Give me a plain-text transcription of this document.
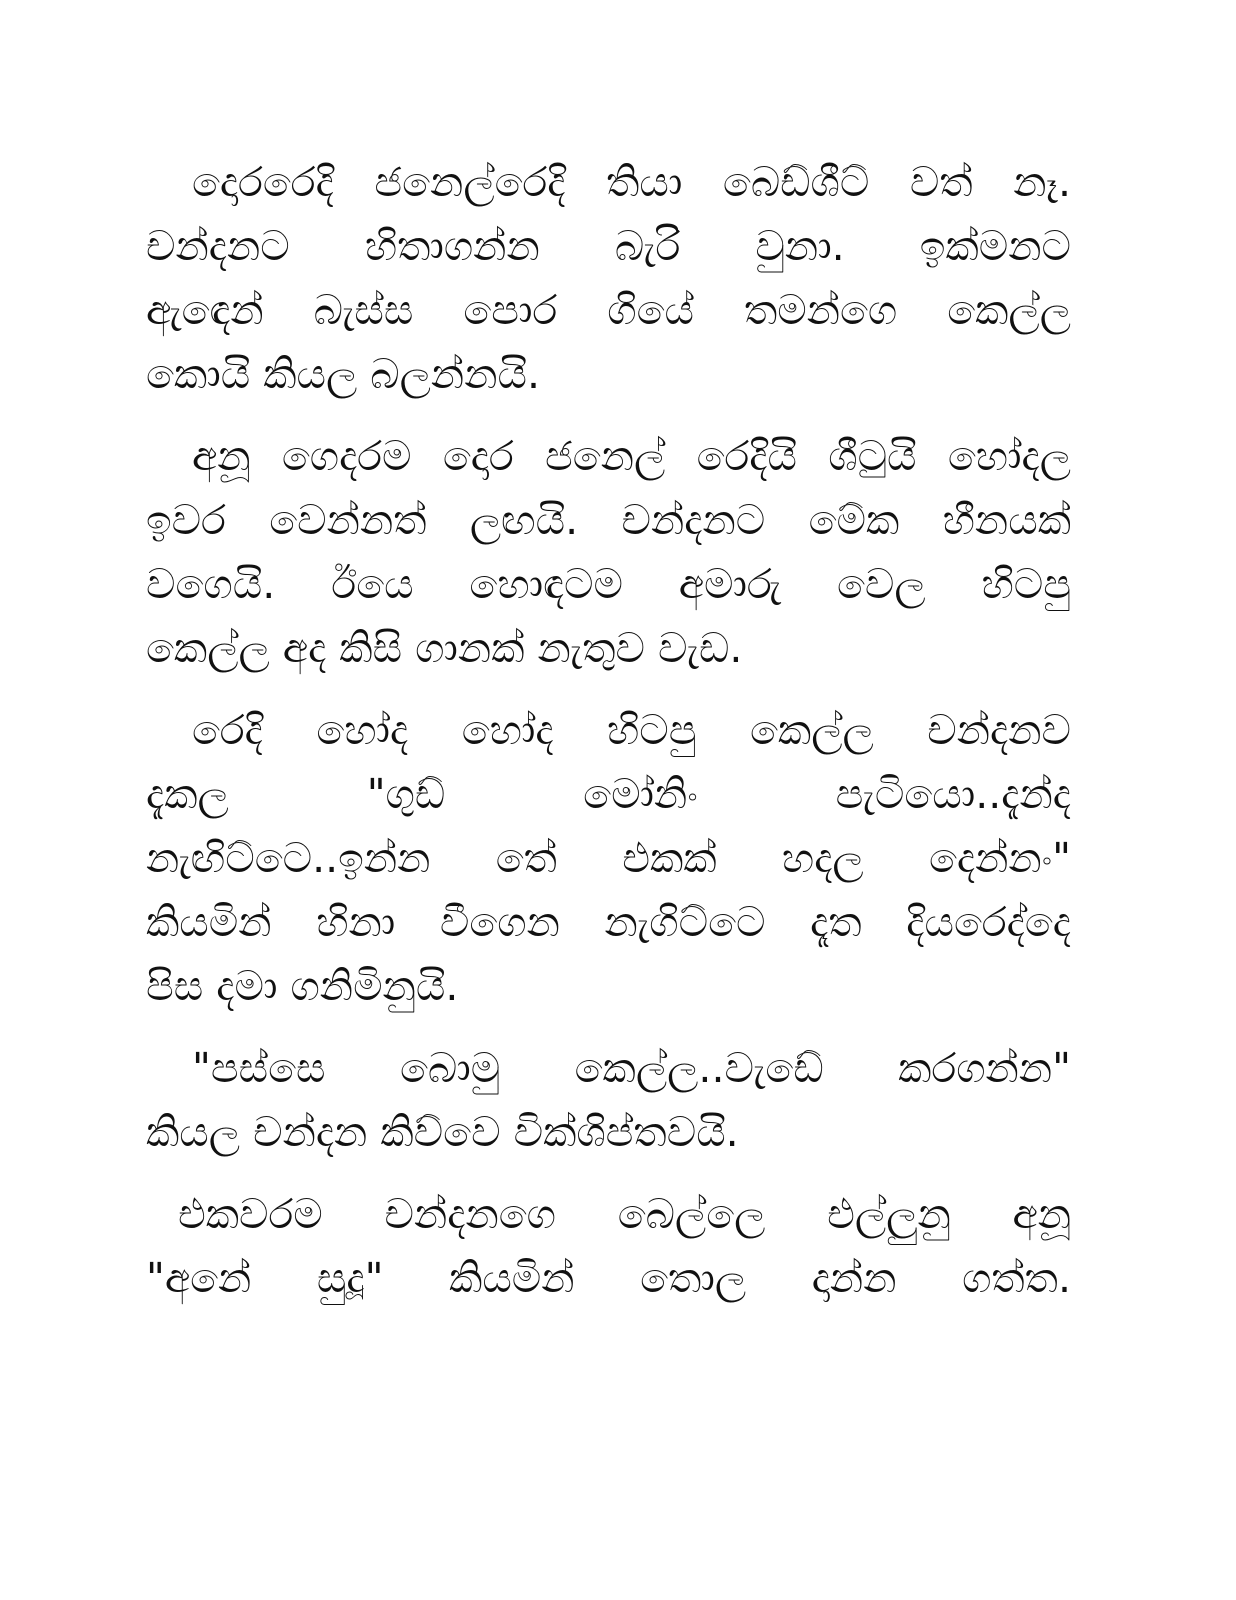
දොරරෙදි ජනෙල්රෙදි තියා බෙඩ්ශීට් වත් නෑ.
චන්දනට හිතාගන්න බැරි වුනා. ඉක්මනට
ඇඳෙන් බැස්ස පොර ගියේ තමන්ගෙ කෙල්ල
කොයි කියල බලන්නයි.
අනූ ගෙදරම දොර ජනෙල් රෙදියි ශීටුයි හෝදල
ඉවර වෙන්නත් ලඟයි. චන්දනට මේක හීනයක්
වගෙයි. ඊයෙ හොඳටම අමාරු වෙල හිටපු
කෙල්ල අද කිසි ගානක් නැතුව වැඩ.
රෙදි හෝද හෝද හිටපු කෙල්ල චන්දනව
දැකල "ගුඩ් මෝනිං පැටියො..දැන්ද
නැඟිට්ටෙ..ඉන්න තේ එකක් හදල දෙන්නං"
කියමින් හිනා වීගෙන නැගිට්ටෙ දෑත දියරෙද්දෙ
පිස දමා ගනිමිනුයි.
"පස්සෙ බොමු කෙල්ල..වැඩේ කරගන්න"
කියල චන්දන කිව්වෙ වික්ශිප්තවයි.
එකවරම චන්දනගෙ බෙල්ලෙ එල්ලුනු අනූ
"අනේ සුදූ" කියමින් තොල දාන්න ගත්ත.
